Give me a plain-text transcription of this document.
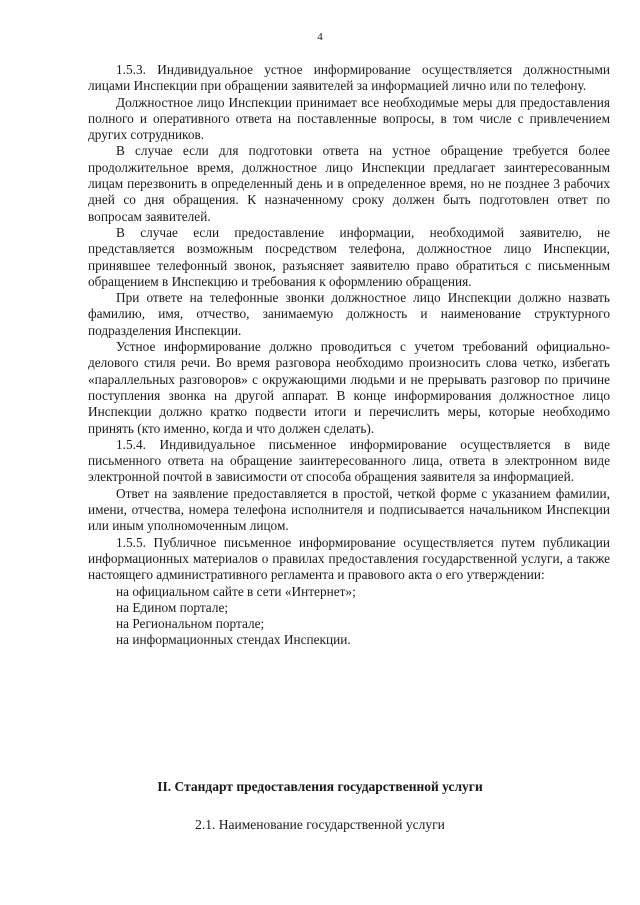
4

1.5.3. Индивидуальное устное информирование осуществляется должностными лицами Инспекции при обращении заявителей за информацией лично или по телефону.

Должностное лицо Инспекции принимает все необходимые меры для предоставления полного и оперативного ответа на поставленные вопросы, в том числе с привлечением других сотрудников.

В случае если для подготовки ответа на устное обращение требуется более продолжительное время, должностное лицо Инспекции предлагает заинтересованным лицам перезвонить в определенный день и в определенное время, но не позднее 3 рабочих дней со дня обращения. К назначенному сроку должен быть подготовлен ответ по вопросам заявителей.

В случае если предоставление информации, необходимой заявителю, не представляется возможным посредством телефона, должностное лицо Инспекции, принявшее телефонный звонок, разъясняет заявителю право обратиться с письменным обращением в Инспекцию и требования к оформлению обращения.

При ответе на телефонные звонки должностное лицо Инспекции должно назвать фамилию, имя, отчество, занимаемую должность и наименование структурного подразделения Инспекции.

Устное информирование должно проводиться с учетом требований официально-делового стиля речи. Во время разговора необходимо произносить слова четко, избегать «параллельных разговоров» с окружающими людьми и не прерывать разговор по причине поступления звонка на другой аппарат. В конце информирования должностное лицо Инспекции должно кратко подвести итоги и перечислить меры, которые необходимо принять (кто именно, когда и что должен сделать).

1.5.4. Индивидуальное письменное информирование осуществляется в виде письменного ответа на обращение заинтересованного лица, ответа в электронном виде электронной почтой в зависимости от способа обращения заявителя за информацией.

Ответ на заявление предоставляется в простой, четкой форме с указанием фамилии, имени, отчества, номера телефона исполнителя и подписывается начальником Инспекции или иным уполномоченным лицом.

1.5.5. Публичное письменное информирование осуществляется путем публикации информационных материалов о правилах предоставления государственной услуги, а также настоящего административного регламента и правового акта о его утверждении:

на официальном сайте в сети «Интернет»;

на Едином портале;

на Региональном портале;

на информационных стендах Инспекции.

II. Стандарт предоставления государственной услуги
2.1. Наименование государственной услуги
